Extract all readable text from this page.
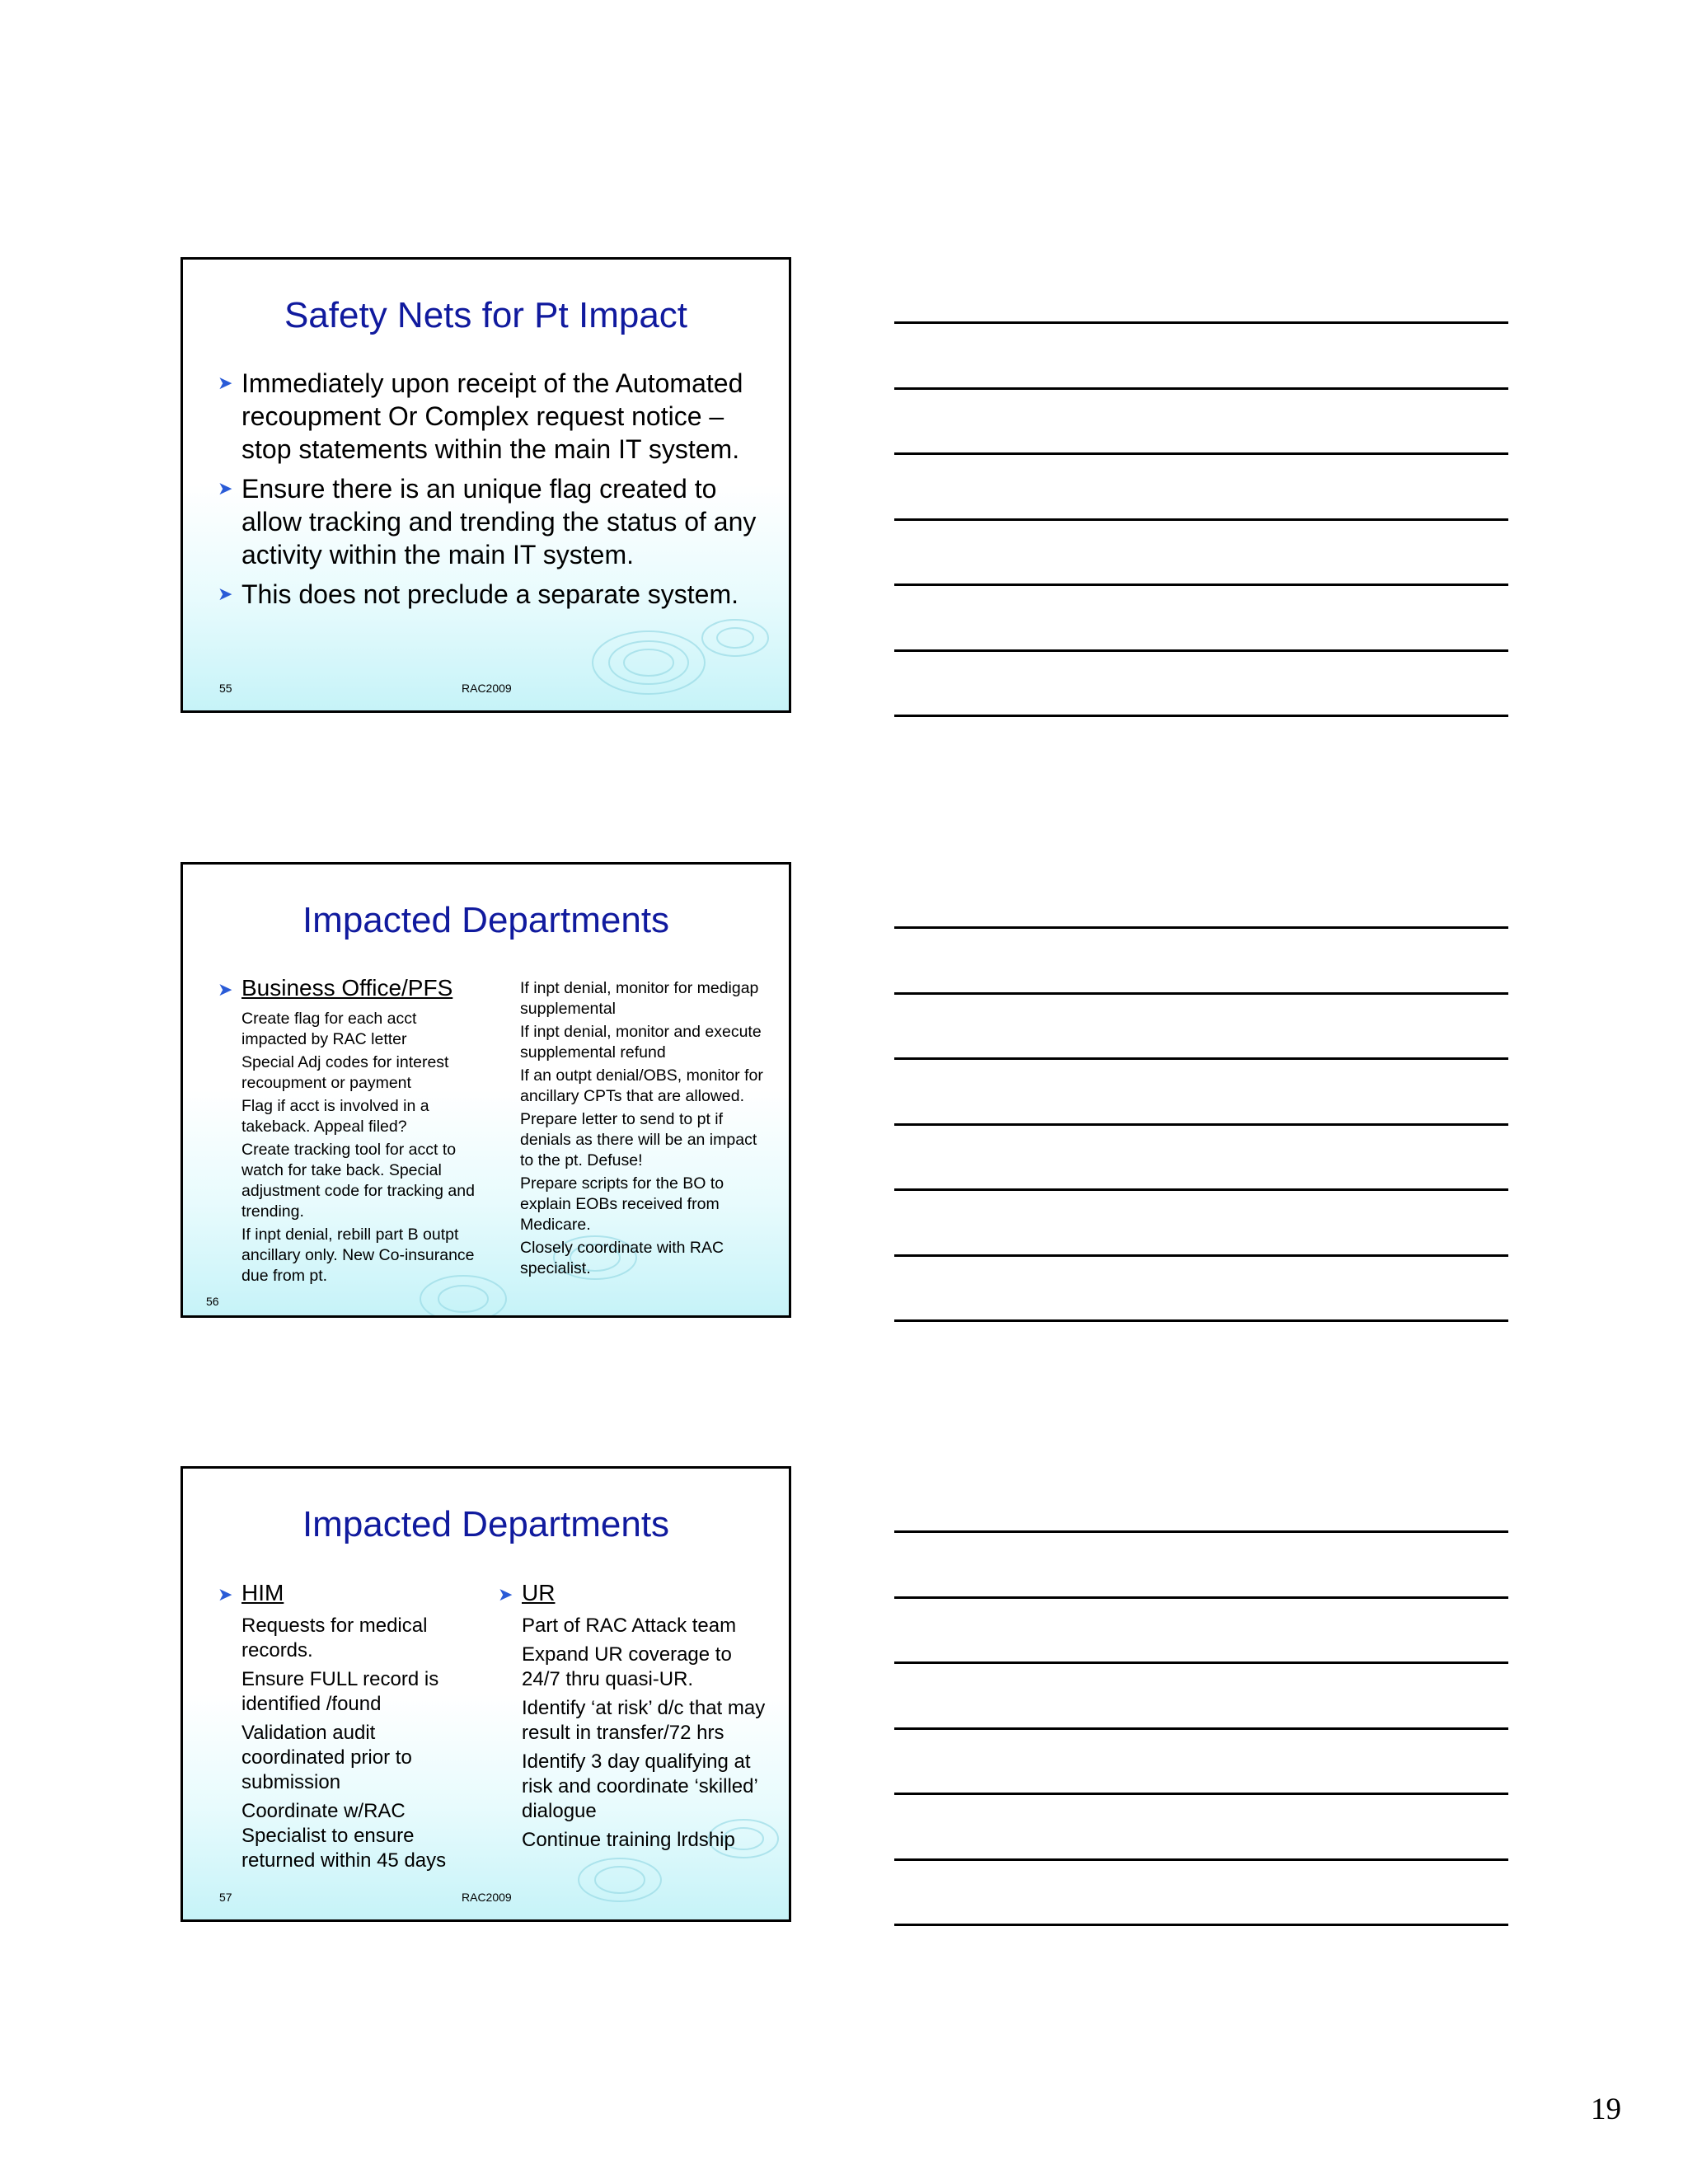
Safety Nets for Pt Impact
➤ Immediately upon receipt of the Automated recoupment Or Complex request notice – stop statements within the main IT system.
➤ Ensure there is an unique flag created to allow tracking and trending the status of any activity within the main IT system.
➤ This does not preclude a separate system.
55	RAC2009
Impacted Departments
➤ Business Office/PFS
Create flag for each acct impacted by RAC letter
Special Adj codes for interest recoupment or payment
Flag if acct is involved in a takeback. Appeal filed?
Create tracking tool for acct to watch for take back. Special adjustment code for tracking and trending.
If inpt denial, rebill part B outpt ancillary only. New Co-insurance due from pt.
If inpt denial, monitor for medigap supplemental
If inpt denial, monitor and execute supplemental refund
If an outpt denial/OBS, monitor for ancillary CPTs that are allowed.
Prepare letter to send to pt if denials as there will be an impact to the pt. Defuse!
Prepare scripts for the BO to explain EOBs received from Medicare.
Closely coordinate with RAC specialist.
56
Impacted Departments
➤ HIM
Requests for medical records.
Ensure FULL record is identified /found
Validation audit coordinated prior to submission
Coordinate w/RAC Specialist to ensure returned within 45 days
➤ UR
Part of RAC Attack team
Expand UR coverage to 24/7 thru quasi-UR.
Identify ‘at risk’ d/c that may result in transfer/72 hrs
Identify 3 day qualifying at risk and coordinate ‘skilled’ dialogue
Continue training lrdship
57	RAC2009
19
